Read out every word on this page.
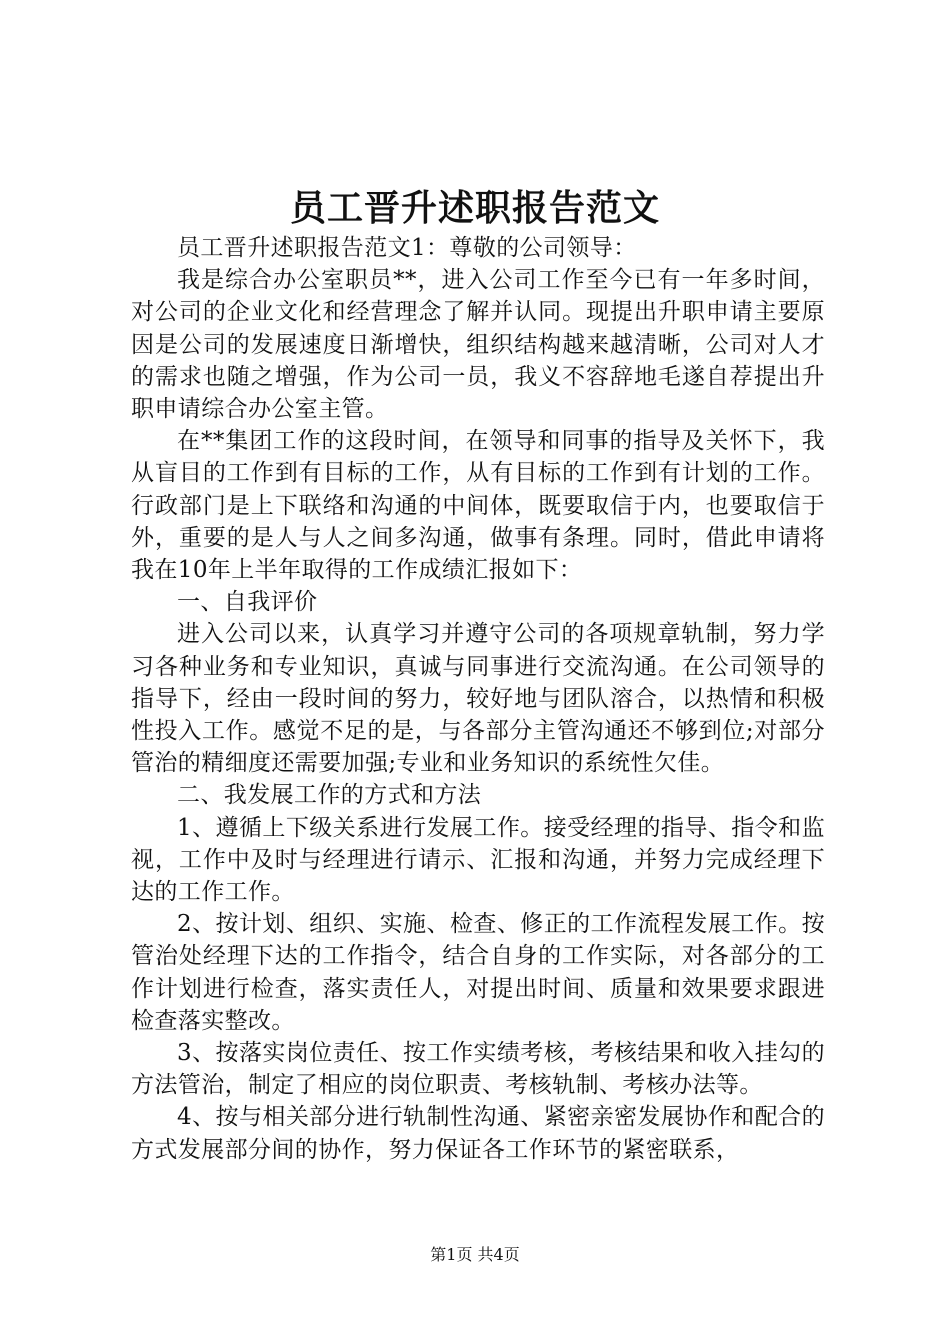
员工晋升述职报告范文

员工晋升述职报告范文1：尊敬的公司领导：

我是综合办公室职员**，进入公司工作至今已有一年多时间，对公司的企业文化和经营理念了解并认同。现提出升职申请主要原因是公司的发展速度日渐增快，组织结构越来越清晰，公司对人才的需求也随之增强，作为公司一员，我义不容辞地毛遂自荐提出升职申请综合办公室主管。

在**集团工作的这段时间，在领导和同事的指导及关怀下，我从盲目的工作到有目标的工作，从有目标的工作到有计划的工作。行政部门是上下联络和沟通的中间体，既要取信于内，也要取信于外，重要的是人与人之间多沟通，做事有条理。同时，借此申请将我在10年上半年取得的工作成绩汇报如下：

一、自我评价

进入公司以来，认真学习并遵守公司的各项规章轨制，努力学习各种业务和专业知识，真诚与同事进行交流沟通。在公司领导的指导下，经由一段时间的努力，较好地与团队溶合，以热情和积极性投入工作。感觉不足的是，与各部分主管沟通还不够到位;对部分管治的精细度还需要加强;专业和业务知识的系统性欠佳。

二、我发展工作的方式和方法

1、遵循上下级关系进行发展工作。接受经理的指导、指令和监视，工作中及时与经理进行请示、汇报和沟通，并努力完成经理下达的工作工作。

2、按计划、组织、实施、检查、修正的工作流程发展工作。按管治处经理下达的工作指令，结合自身的工作实际，对各部分的工作计划进行检查，落实责任人，对提出时间、质量和效果要求跟进检查落实整改。

3、按落实岗位责任、按工作实绩考核，考核结果和收入挂勾的方法管治，制定了相应的岗位职责、考核轨制、考核办法等。

4、按与相关部分进行轨制性沟通、紧密亲密发展协作和配合的方式发展部分间的协作，努力保证各工作环节的紧密联系，

第1页 共4页
